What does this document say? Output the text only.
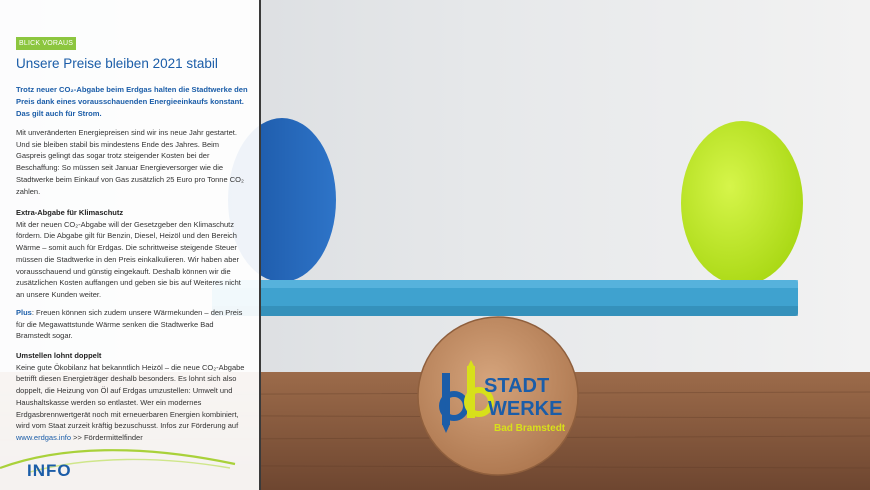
STADT
WERKE
Bad Bramstedt
BLICK VORAUS
Unsere Preise bleiben 2021 stabil
Trotz neuer CO₂-Abgabe beim Erdgas halten die Stadtwerke den Preis dank eines vorausschauenden Energieeinkaufs konstant. Das gilt auch für Strom.

Mit unveränderten Energiepreisen sind wir ins neue Jahr gestartet. Und sie bleiben stabil bis mindestens Ende des Jahres. Beim Gaspreis gelingt das sogar trotz steigender Kosten bei der Beschaffung: So müssen seit Januar Energieversorger wie die Stadtwerke beim Einkauf von Gas zusätzlich 25 Euro pro Tonne CO₂ zahlen.

Extra-Abgabe für Klimaschutz
Mit der neuen CO₂-Abgabe will der Gesetzgeber den Klimaschutz fördern. Die Abgabe gilt für Benzin, Diesel, Heizöl und den Bereich Wärme – somit auch für Erdgas. Die schrittweise steigende Steuer müssen die Stadtwerke in den Preis einkalkulieren. Wir haben aber vorausschauend und günstig eingekauft. Deshalb können wir die zusätzlichen Kosten auffangen und geben sie bis auf Weiteres nicht an unsere Kunden weiter.

Plus: Freuen können sich zudem unsere Wärmekunden – den Preis für die Megawattstunde Wärme senken die Stadtwerke Bad Bramstedt sogar.

Umstellen lohnt doppelt
Keine gute Ökobilanz hat bekanntlich Heizöl – die neue CO₂-Abgabe betrifft diesen Energieträger deshalb besonders. Es lohnt sich also doppelt, die Heizung von Öl auf Erdgas umzustellen: Umwelt und Haushaltskasse werden so entlastet. Wer ein modernes Erdgasbrennwertgerät noch mit erneuerbaren Energien kombiniert, wird vom Staat zurzeit kräftig bezuschusst. Infos zur Förderung auf www.erdgas.info >> Fördermittelfinder

INFO
